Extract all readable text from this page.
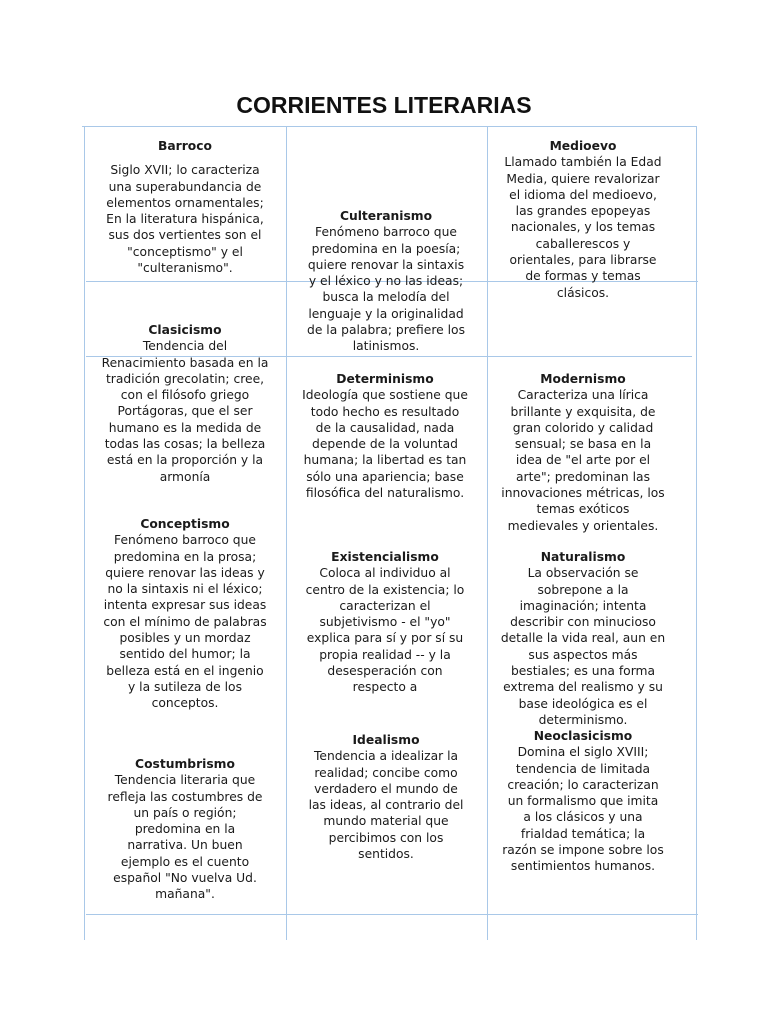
CORRIENTES LITERARIAS
Barroco
Siglo XVII; lo caracteriza una superabundancia de elementos ornamentales; En la literatura hispánica, sus dos vertientes son el "conceptismo" y el "culteranismo".
Clasicismo
Tendencia del Renacimiento basada en la tradición grecolatin; cree, con el filósofo griego Portágoras, que el ser humano es la medida de todas las cosas; la belleza está en la proporción y la armonía
Conceptismo
Fenómeno barroco que predomina en la prosa; quiere renovar las ideas y no la sintaxis ni el léxico; intenta expresar sus ideas con el mínimo de palabras posibles y un mordaz sentido del humor; la belleza está en el ingenio y la sutileza de los conceptos.
Costumbrismo
Tendencia literaria que refleja las costumbres de un país o región; predomina en la narrativa. Un buen ejemplo es el cuento español "No vuelva Ud. mañana".
Culteranismo
Fenómeno barroco que predomina en la poesía; quiere renovar la sintaxis y el léxico y no las ideas; busca la melodía del lenguaje y la originalidad de la palabra; prefiere los latinismos.
Determinismo
Ideología que sostiene que todo hecho es resultado de la causalidad, nada depende de la voluntad humana; la libertad es tan sólo una apariencia; base filosófica del naturalismo.
Existencialismo
Coloca al individuo al centro de la existencia; lo caracterizan el subjetivismo - el "yo" explica para sí y por sí su propia realidad -- y la desesperación con respecto a
Idealismo
Tendencia a idealizar la realidad; concibe como verdadero el mundo de las ideas, al contrario del mundo material que percibimos con los sentidos.
Medioevo
Llamado también la Edad Media, quiere revalorizar el idioma del medioevo, las grandes epopeyas nacionales, y los temas caballerescos y orientales, para librarse de formas y temas clásicos.
Modernismo
Caracteriza una lírica brillante y exquisita, de gran colorido y calidad sensual; se basa en la idea de "el arte por el arte"; predominan las innovaciones métricas, los temas exóticos medievales y orientales.
Naturalismo
La observación se sobrepone a la imaginación; intenta describir con minucioso detalle la vida real, aun en sus aspectos más bestiales; es una forma extrema del realismo y su base ideológica es el determinismo.
Neoclasicismo
Domina el siglo XVIII; tendencia de limitada creación; lo caracterizan un formalismo que imita a los clásicos y una frialdad temática; la razón se impone sobre los sentimientos humanos.
